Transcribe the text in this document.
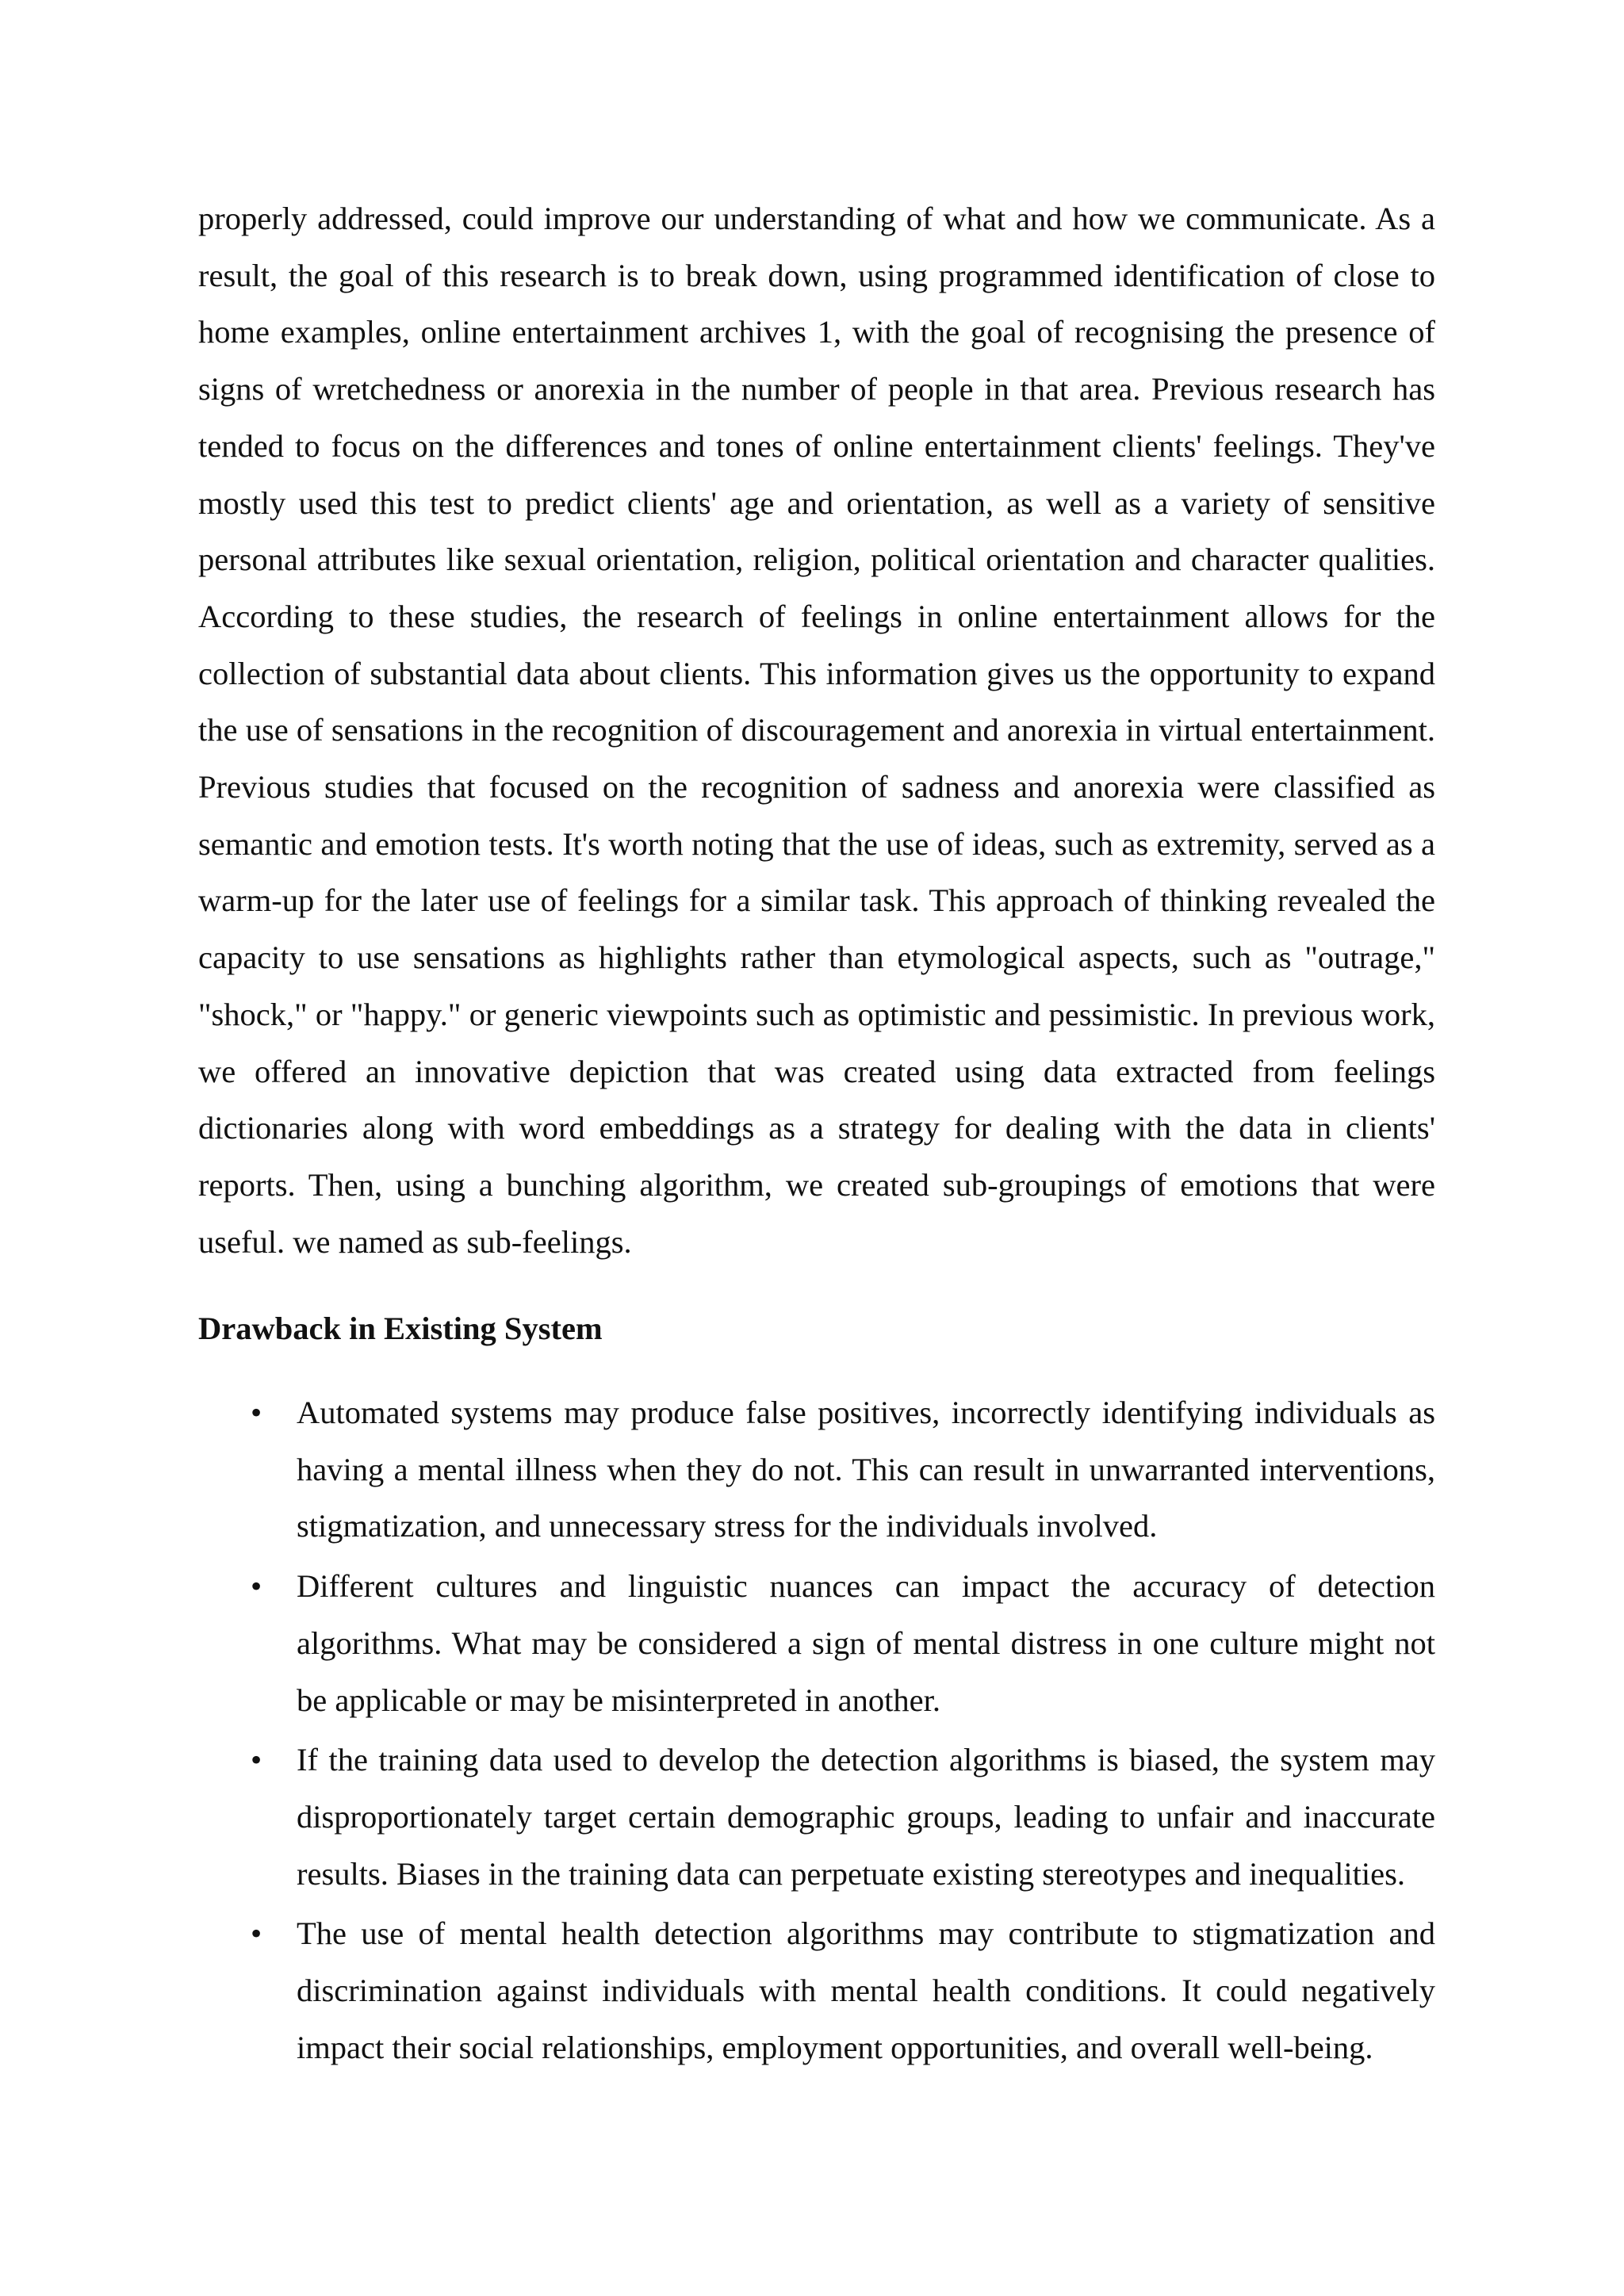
properly addressed, could improve our understanding of what and how we communicate. As a result, the goal of this research is to break down, using programmed identification of close to home examples, online entertainment archives 1, with the goal of recognising the presence of signs of wretchedness or anorexia in the number of people in that area. Previous research has tended to focus on the differences and tones of online entertainment clients' feelings. They've mostly used this test to predict clients' age and orientation, as well as a variety of sensitive personal attributes like sexual orientation, religion, political orientation and character qualities. According to these studies, the research of feelings in online entertainment allows for the collection of substantial data about clients. This information gives us the opportunity to expand the use of sensations in the recognition of discouragement and anorexia in virtual entertainment. Previous studies that focused on the recognition of sadness and anorexia were classified as semantic and emotion tests. It's worth noting that the use of ideas, such as extremity, served as a warm-up for the later use of feelings for a similar task. This approach of thinking revealed the capacity to use sensations as highlights rather than etymological aspects, such as "outrage," "shock," or "happy." or generic viewpoints such as optimistic and pessimistic. In previous work, we offered an innovative depiction that was created using data extracted from feelings dictionaries along with word embeddings as a strategy for dealing with the data in clients' reports. Then, using a bunching algorithm, we created sub-groupings of emotions that were useful. we named as sub-feelings.

Drawback in Existing System
• Automated systems may produce false positives, incorrectly identifying individuals as having a mental illness when they do not. This can result in unwarranted interventions, stigmatization, and unnecessary stress for the individuals involved.
• Different cultures and linguistic nuances can impact the accuracy of detection algorithms. What may be considered a sign of mental distress in one culture might not be applicable or may be misinterpreted in another.
• If the training data used to develop the detection algorithms is biased, the system may disproportionately target certain demographic groups, leading to unfair and inaccurate results. Biases in the training data can perpetuate existing stereotypes and inequalities.
• The use of mental health detection algorithms may contribute to stigmatization and discrimination against individuals with mental health conditions. It could negatively impact their social relationships, employment opportunities, and overall well-being.
